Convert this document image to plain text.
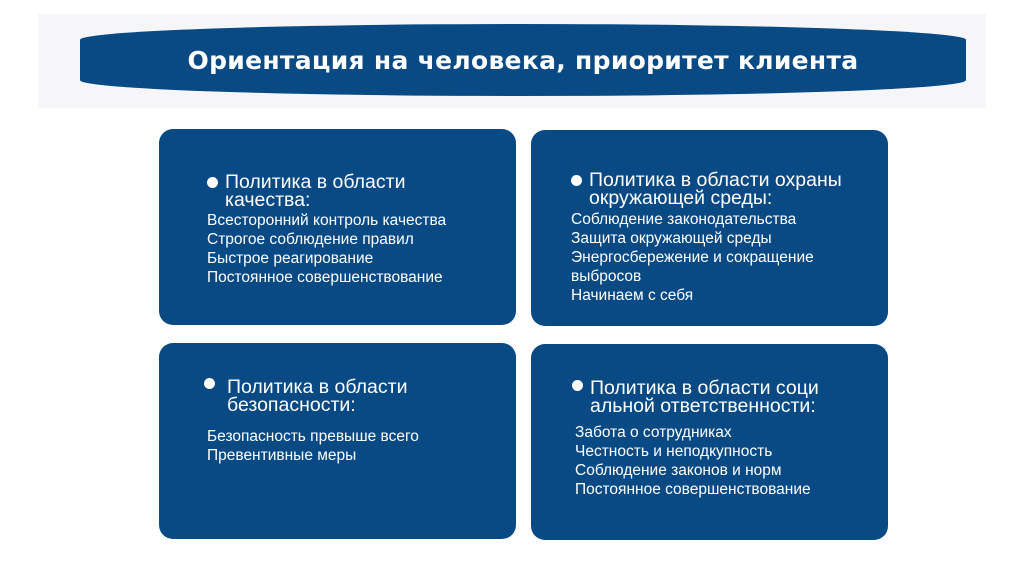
Ориентация на человека, приоритет клиента
Политика в области
качества:
Всесторонний контроль качества
Строгое соблюдение правил
Быстрое реагирование
Постоянное совершенствование
Политика в области охраны
окружающей среды:
Соблюдение законодательства
Защита окружающей среды
Энергосбережение и сокращение
выбросов
Начинаем с себя
Политика в области
безопасности:
Безопасность превыше всего
Превентивные меры
Политика в области соци
альной ответственности:
Забота о сотрудниках
Честность и неподкупность
Соблюдение законов и норм
Постоянное совершенствование
